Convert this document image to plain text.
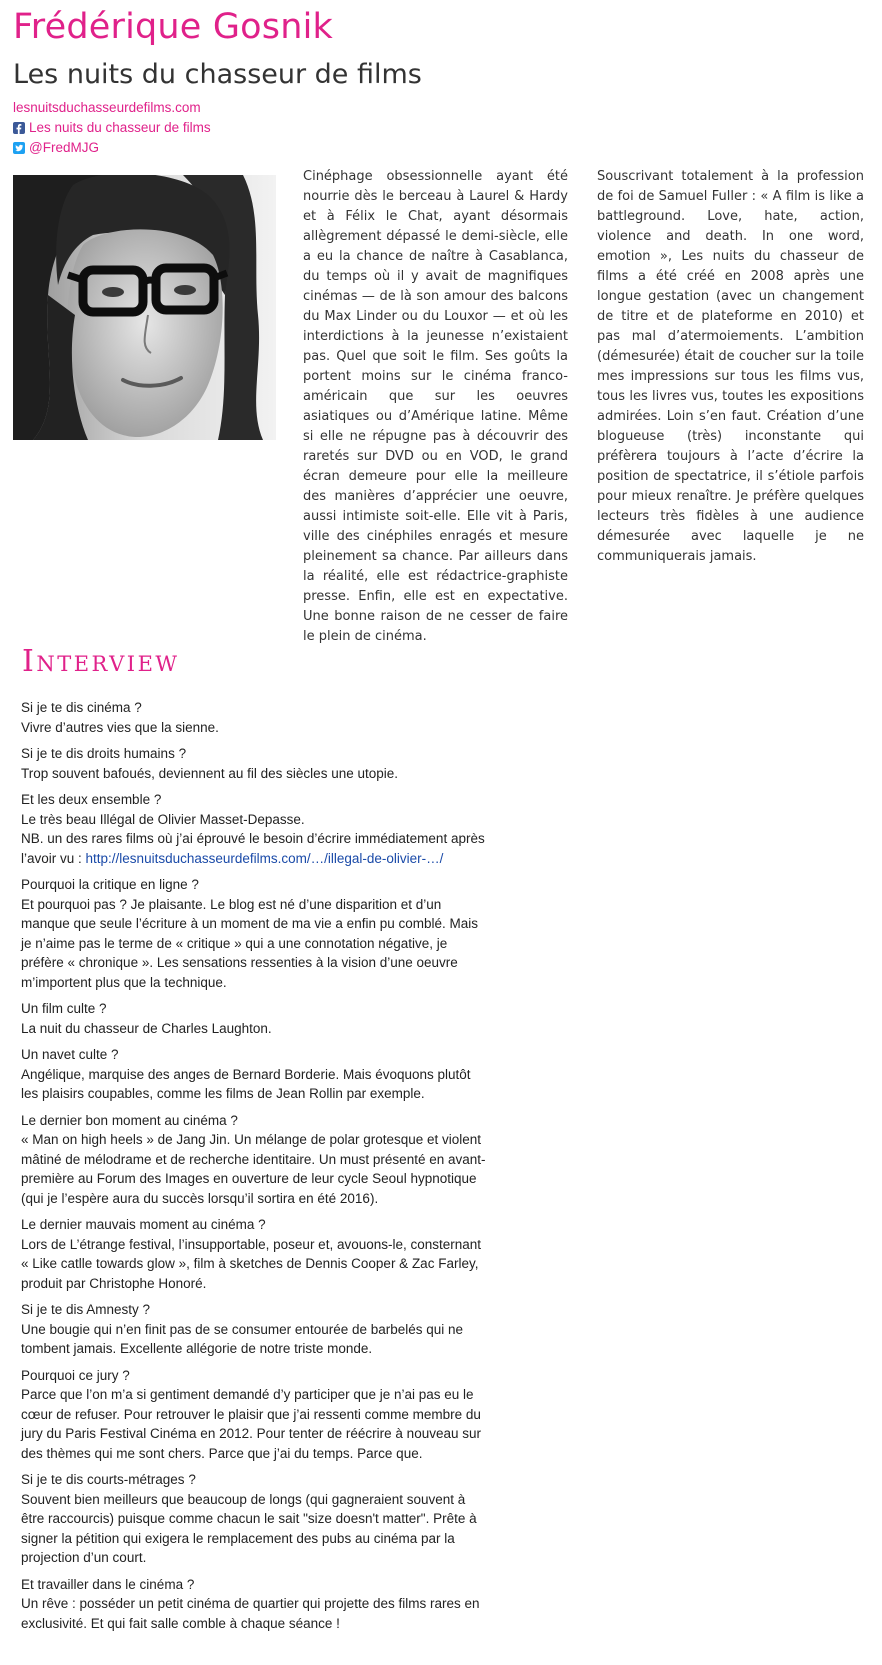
Frédérique Gosnik
Les nuits du chasseur de films
lesnuitsduchasseurdefilms.com
Les nuits du chasseur de films
@FredMJG

Cinéphage obsessionnelle ayant été nourrie dès le berceau à Laurel & Hardy et à Félix le Chat, ayant désormais allègrement dépassé le demi-siècle, elle a eu la chance de naître à Casablanca, du temps où il y avait de magnifiques cinémas — de là son amour des balcons du Max Linder ou du Louxor — et où les interdictions à la jeunesse n’existaient pas. Quel que soit le film. Ses goûts la portent moins sur le cinéma franco-américain que sur les oeuvres asiatiques ou d’Amérique latine. Même si elle ne répugne pas à découvrir des raretés sur DVD ou en VOD, le grand écran demeure pour elle la meilleure des manières d’apprécier une oeuvre, aussi intimiste soit-elle. Elle vit à Paris, ville des cinéphiles enragés et mesure pleinement sa chance. Par ailleurs dans la réalité, elle est rédactrice-graphiste presse. Enfin, elle est en expectative. Une bonne raison de ne cesser de faire le plein de cinéma.

Souscrivant totalement à la profession de foi de Samuel Fuller : « A film is like a battleground. Love, hate, action, violence and death. In one word, emotion », Les nuits du chasseur de films a été créé en 2008 après une longue gestation (avec un changement de titre et de plateforme en 2010) et pas mal d’atermoiements. L’ambition (démesurée) était de coucher sur la toile mes impressions sur tous les films vus, tous les livres vus, toutes les expositions admirées. Loin s’en faut. Création d’une blogueuse (très) inconstante qui préfèrera toujours à l’acte d’écrire la position de spectatrice, il s’étiole parfois pour mieux renaître. Je préfère quelques lecteurs très fidèles à une audience démesurée avec laquelle je ne communiquerais jamais.

Interview
Si je te dis cinéma ?
Vivre d’autres vies que la sienne.
Si je te dis droits humains ?
Trop souvent bafoués, deviennent au fil des siècles une utopie.
Et les deux ensemble ?
Le très beau Illégal de Olivier Masset-Depasse.
NB. un des rares films où j’ai éprouvé le besoin d’écrire immédiatement après l’avoir vu : http://lesnuitsduchasseurdefilms.com/…/illegal-de-olivier-…/
Pourquoi la critique en ligne ?
Et pourquoi pas ? Je plaisante. Le blog est né d’une disparition et d’un manque que seule l’écriture à un moment de ma vie a enfin pu comblé. Mais je n’aime pas le terme de « critique » qui a une connotation négative, je préfère « chronique ». Les sensations ressenties à la vision d’une oeuvre m’importent plus que la technique.
Un film culte ?
La nuit du chasseur de Charles Laughton.
Un navet culte ?
Angélique, marquise des anges de Bernard Borderie. Mais évoquons plutôt les plaisirs coupables, comme les films de Jean Rollin par exemple.
Le dernier bon moment au cinéma ?
« Man on high heels » de Jang Jin. Un mélange de polar grotesque et violent mâtiné de mélodrame et de recherche identitaire. Un must présenté en avant-première au Forum des Images en ouverture de leur cycle Seoul hypnotique (qui je l’espère aura du succès lorsqu’il sortira en été 2016).
Le dernier mauvais moment au cinéma ?
Lors de L’étrange festival, l’insupportable, poseur et, avouons-le, consternant « Like catlle towards glow », film à sketches de Dennis Cooper & Zac Farley, produit par Christophe Honoré.
Si je te dis Amnesty ?
Une bougie qui n’en finit pas de se consumer entourée de barbelés qui ne tombent jamais. Excellente allégorie de notre triste monde.
Pourquoi ce jury ?
Parce que l’on m’a si gentiment demandé d’y participer que je n’ai pas eu le cœur de refuser. Pour retrouver le plaisir que j’ai ressenti comme membre du jury du Paris Festival Cinéma en 2012. Pour tenter de réécrire à nouveau sur des thèmes qui me sont chers. Parce que j’ai du temps. Parce que.
Si je te dis courts-métrages ?
Souvent bien meilleurs que beaucoup de longs (qui gagneraient souvent à être raccourcis) puisque comme chacun le sait "size doesn't matter". Prête à signer la pétition qui exigera le remplacement des pubs au cinéma par la projection d’un court.
Et travailler dans le cinéma ?
Un rêve : posséder un petit cinéma de quartier qui projette des films rares en exclusivité. Et qui fait salle comble à chaque séance !
